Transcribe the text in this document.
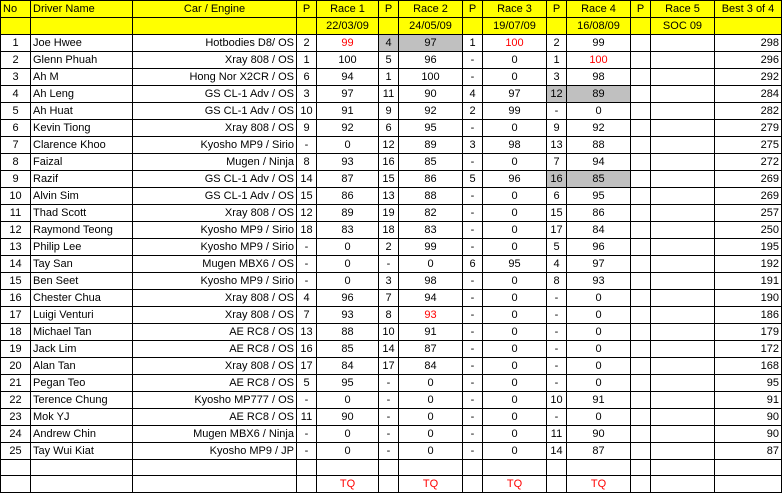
No	Driver Name	Car / Engine	P	Race 1	P	Race 2	P	Race 3	P	Race 4	P	Race 5	Best 3 of 4
				22/03/09		24/05/09		19/07/09		16/08/09		SOC 09	
1	Joe Hwee	Hotbodies D8/ OS	2	99	4	97	1	100	2	99			298
2	Glenn Phuah	Xray 808 / OS	1	100	5	96	-	0	1	100			296
3	Ah M	Hong Nor X2CR / OS	6	94	1	100	-	0	3	98			292
4	Ah Leng	GS CL-1 Adv / OS	3	97	11	90	4	97	12	89			284
5	Ah Huat	GS CL-1 Adv / OS	10	91	9	92	2	99	-	0			282
6	Kevin Tiong	Xray 808 / OS	9	92	6	95	-	0	9	92			279
7	Clarence Khoo	Kyosho MP9 / Sirio	-	0	12	89	3	98	13	88			275
8	Faizal	Mugen / Ninja	8	93	16	85	-	0	7	94			272
9	Razif	GS CL-1 Adv / OS	14	87	15	86	5	96	16	85			269
10	Alvin Sim	GS CL-1 Adv / OS	15	86	13	88	-	0	6	95			269
11	Thad Scott	Xray 808 / OS	12	89	19	82	-	0	15	86			257
12	Raymond Teong	Kyosho MP9 / Sirio	18	83	18	83	-	0	17	84			250
13	Philip Lee	Kyosho MP9 / Sirio	-	0	2	99	-	0	5	96			195
14	Tay San	Mugen MBX6 / OS	-	0	-	0	6	95	4	97			192
15	Ben Seet	Kyosho MP9 / Sirio	-	0	3	98	-	0	8	93			191
16	Chester Chua	Xray 808 / OS	4	96	7	94	-	0	-	0			190
17	Luigi Venturi	Xray 808 / OS	7	93	8	93	-	0	-	0			186
18	Michael Tan	AE RC8 / OS	13	88	10	91	-	0	-	0			179
19	Jack Lim	AE RC8 / OS	16	85	14	87	-	0	-	0			172
20	Alan Tan	Xray 808 / OS	17	84	17	84	-	0	-	0			168
21	Pegan Teo	AE RC8 / OS	5	95	-	0	-	0	-	0			95
22	Terence Chung	Kyosho MP777 / OS	-	0	-	0	-	0	10	91			91
23	Mok YJ	AE RC8 / OS	11	90	-	0	-	0	-	0			90
24	Andrew Chin	Mugen MBX6 / Ninja	-	0	-	0	-	0	11	90			90
25	Tay Wui Kiat	Kyosho MP9 / JP	-	0	-	0	-	0	14	87			87

				TQ		TQ		TQ		TQ			
